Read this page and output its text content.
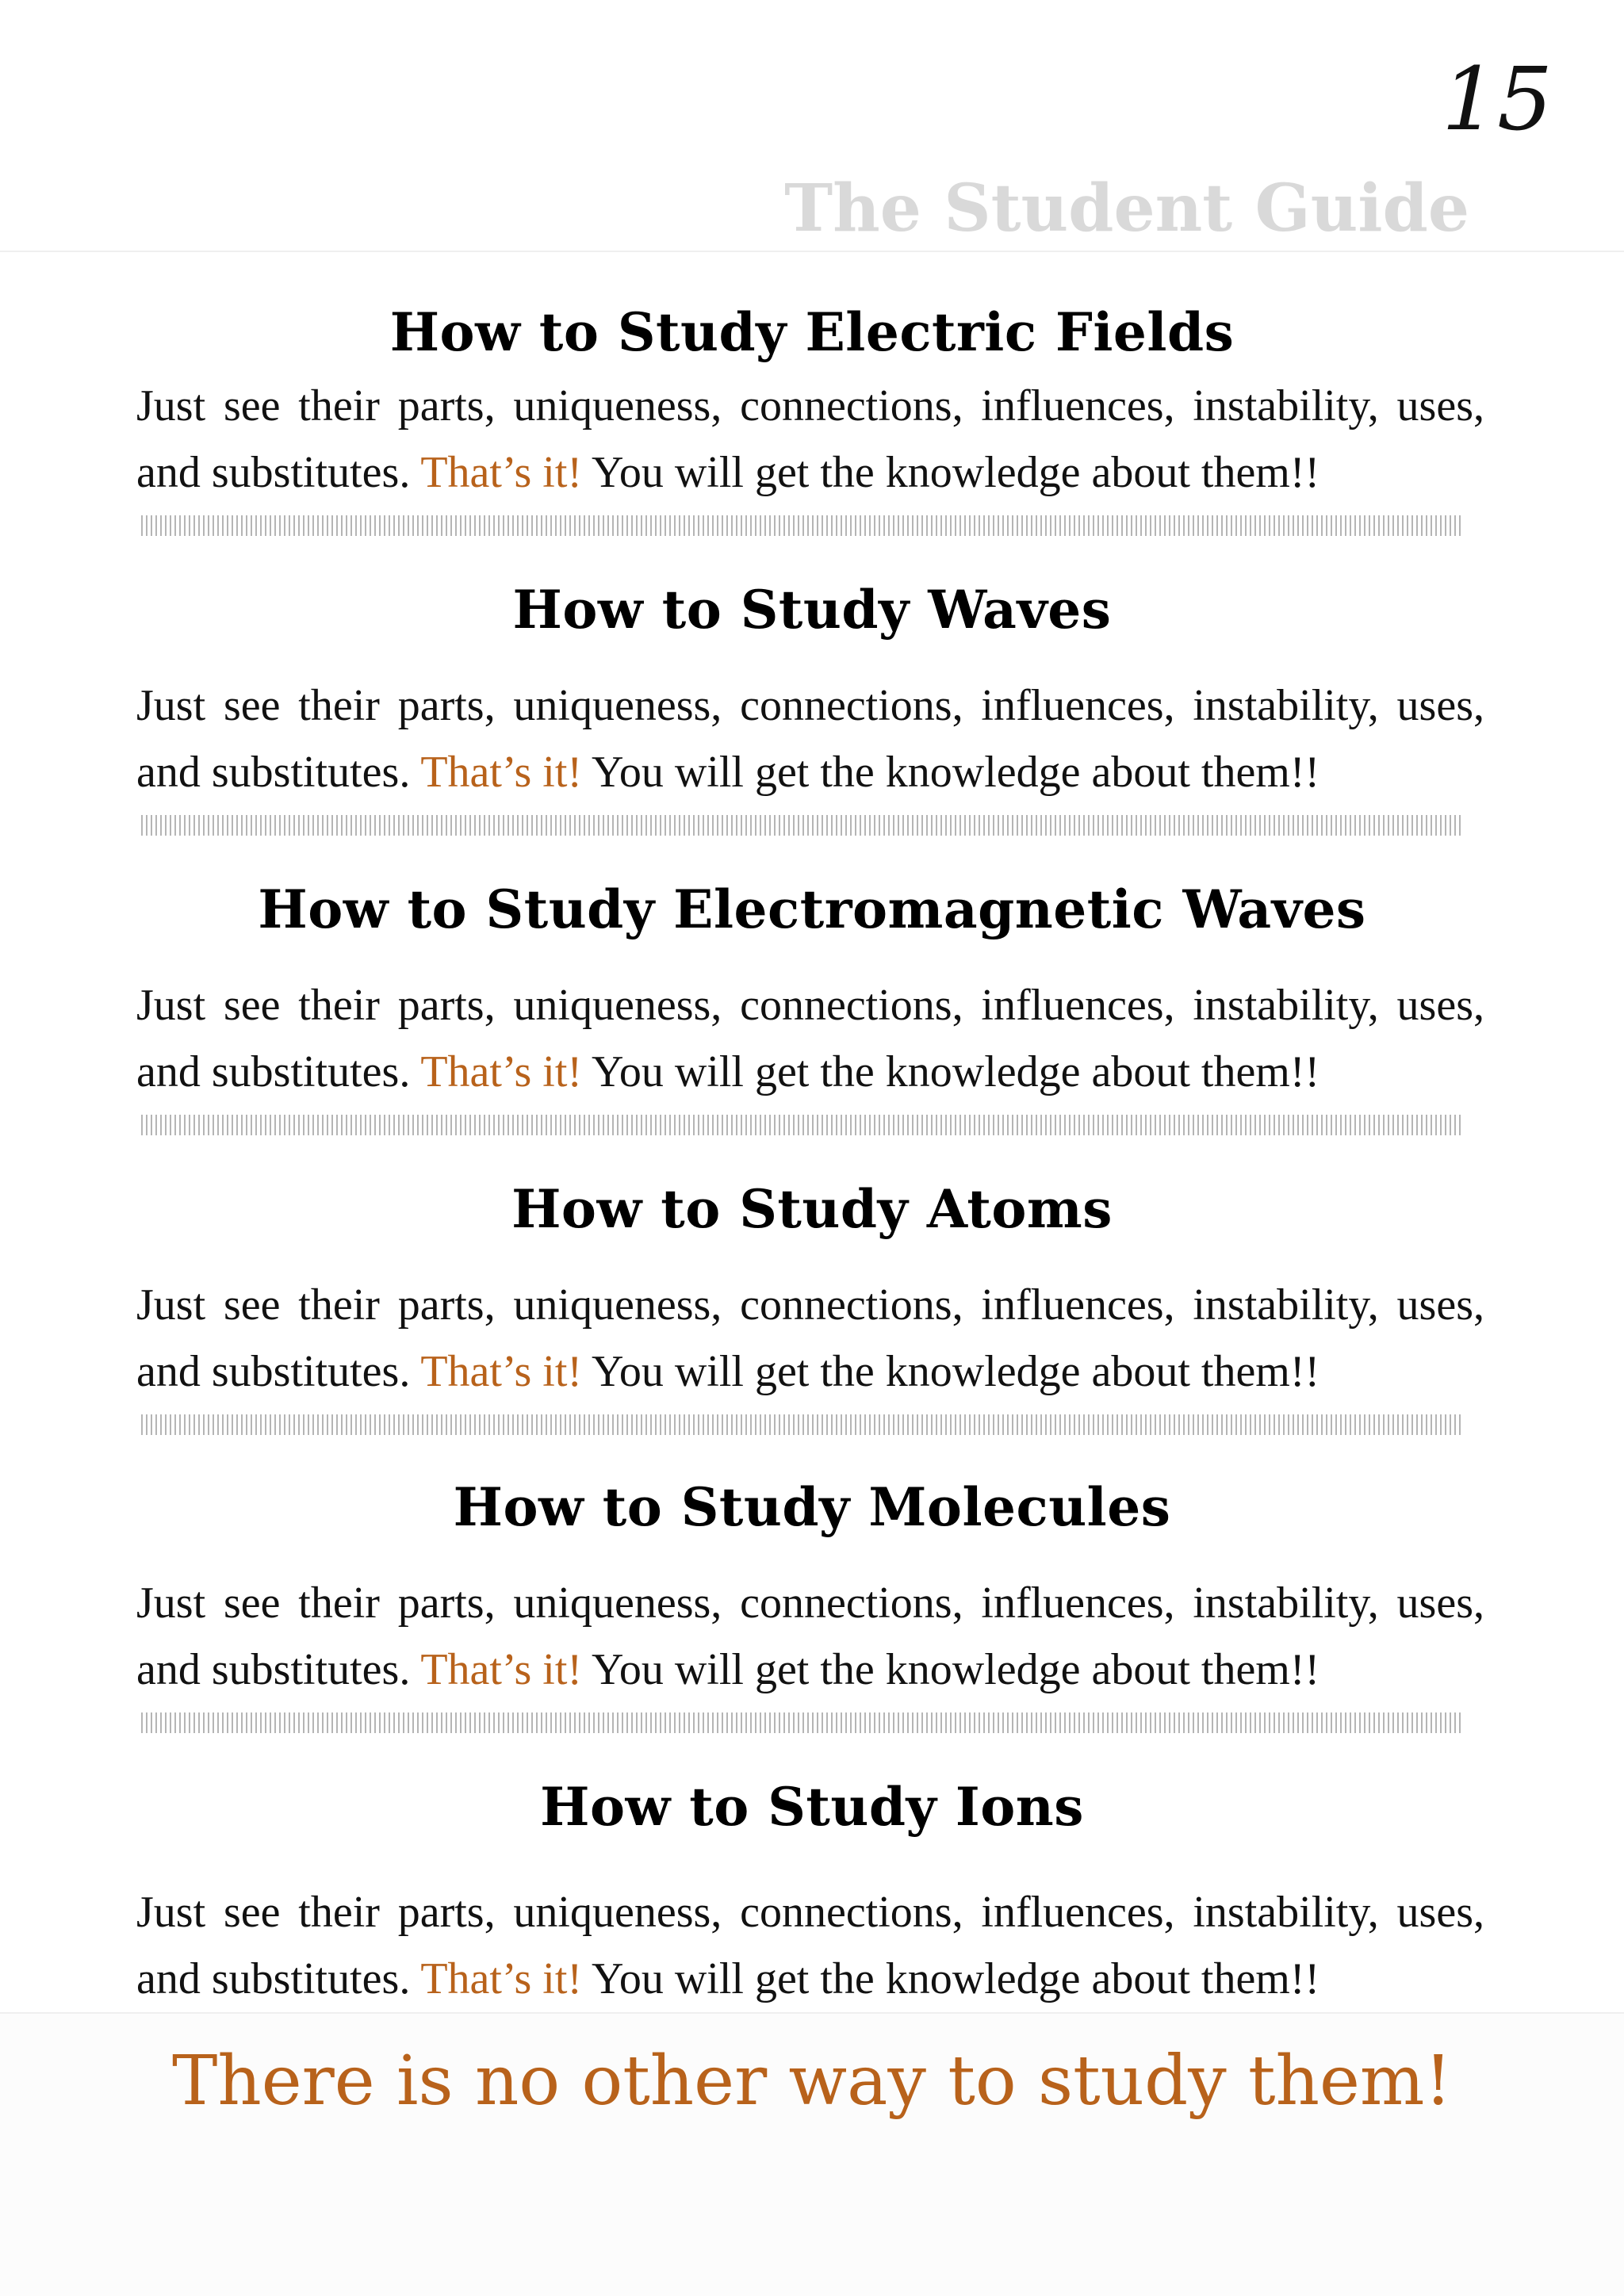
15
The Student Guide
How to Study Electric Fields
Just see their parts, uniqueness, connections, influences, instability, uses, and substitutes. That’s it! You will get the knowledge about them!!
How to Study Waves
Just see their parts, uniqueness, connections, influences, instability, uses, and substitutes. That’s it! You will get the knowledge about them!!
How to Study Electromagnetic Waves
Just see their parts, uniqueness, connections, influences, instability, uses, and substitutes. That’s it! You will get the knowledge about them!!
How to Study Atoms
Just see their parts, uniqueness, connections, influences, instability, uses, and substitutes. That’s it! You will get the knowledge about them!!
How to Study Molecules
Just see their parts, uniqueness, connections, influences, instability, uses, and substitutes. That’s it! You will get the knowledge about them!!
How to Study Ions
Just see their parts, uniqueness, connections, influences, instability, uses, and substitutes. That’s it! You will get the knowledge about them!!
There is no other way to study them!
